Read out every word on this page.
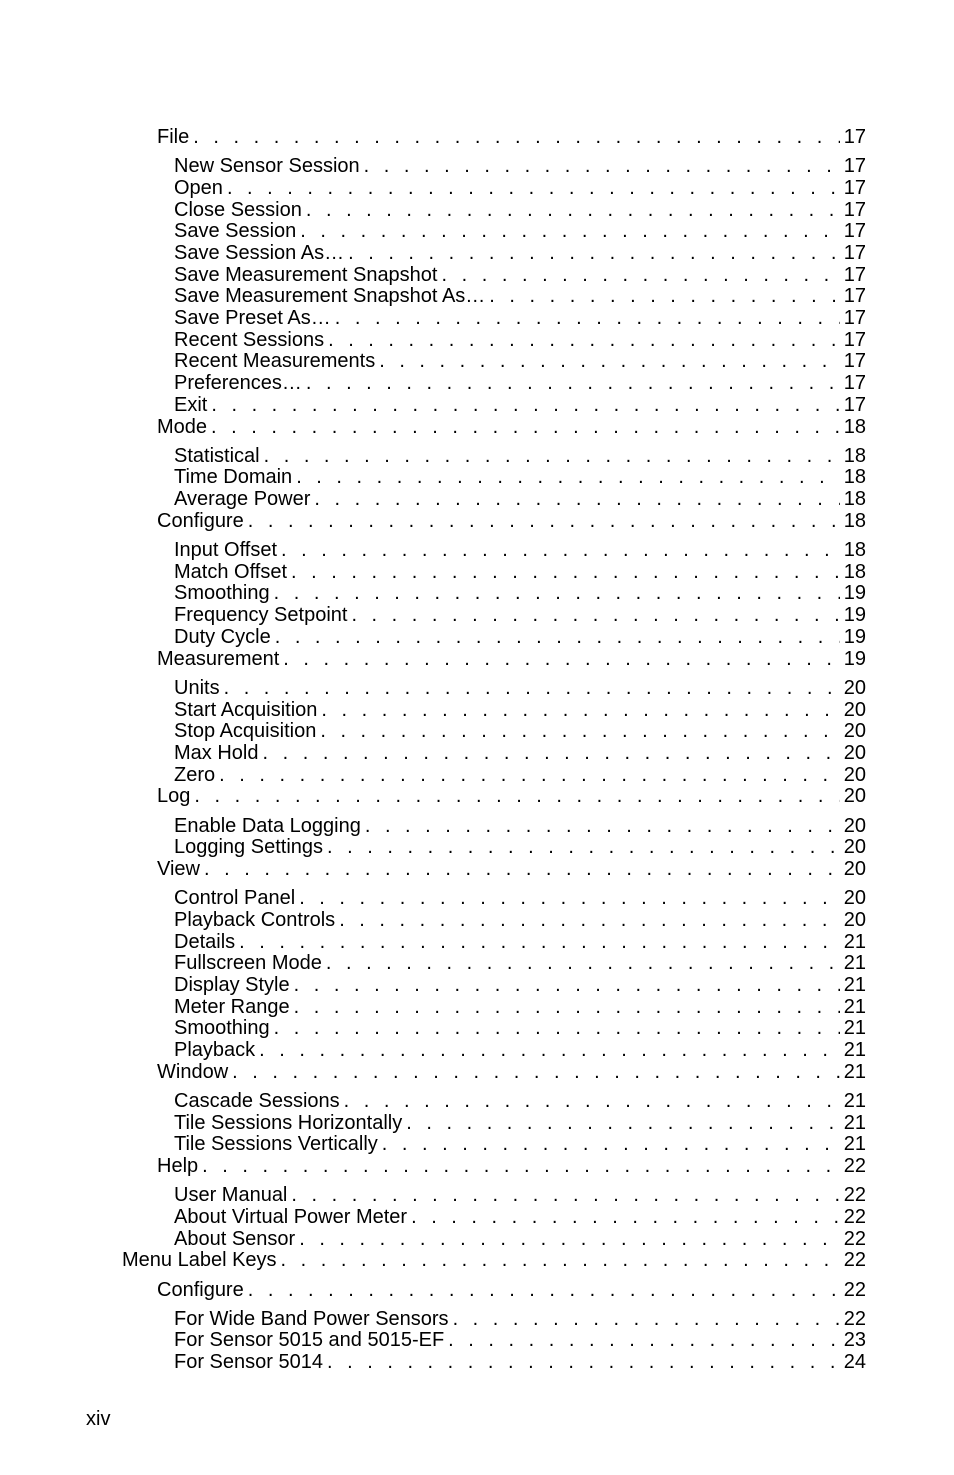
File . . .	17
New Sensor Session . . .	17
Open . . .	17
Close Session . . .	17
Save Session . . .	17
Save Session As… . . .	17
Save Measurement Snapshot . . .	17
Save Measurement Snapshot As… . . .	17
Save Preset As… . . .	17
Recent Sessions . . .	17
Recent Measurements . . .	17
Preferences… . . .	17
Exit . . .	17
Mode . . .	18
Statistical . . .	18
Time Domain . . .	18
Average Power . . .	18
Configure . . .	18
Input Offset . . .	18
Match Offset . . .	18
Smoothing . . .	19
Frequency Setpoint . . .	19
Duty Cycle . . .	19
Measurement . . .	19
Units . . .	20
Start Acquisition . . .	20
Stop Acquisition . . .	20
Max Hold . . .	20
Zero . . .	20
Log . . .	20
Enable Data Logging . . .	20
Logging Settings . . .	20
View . . .	20
Control Panel . . .	20
Playback Controls . . .	20
Details . . .	21
Fullscreen Mode . . .	21
Display Style . . .	21
Meter Range . . .	21
Smoothing . . .	21
Playback . . .	21
Window . . .	21
Cascade Sessions . . .	21
Tile Sessions Horizontally . . .	21
Tile Sessions Vertically . . .	21
Help . . .	22
User Manual . . .	22
About Virtual Power Meter . . .	22
About Sensor . . .	22
Menu Label Keys . . .	22
Configure . . .	22
For Wide Band Power Sensors . . .	22
For Sensor 5015 and 5015-EF . . .	23
For Sensor 5014 . . .	24
xiv
